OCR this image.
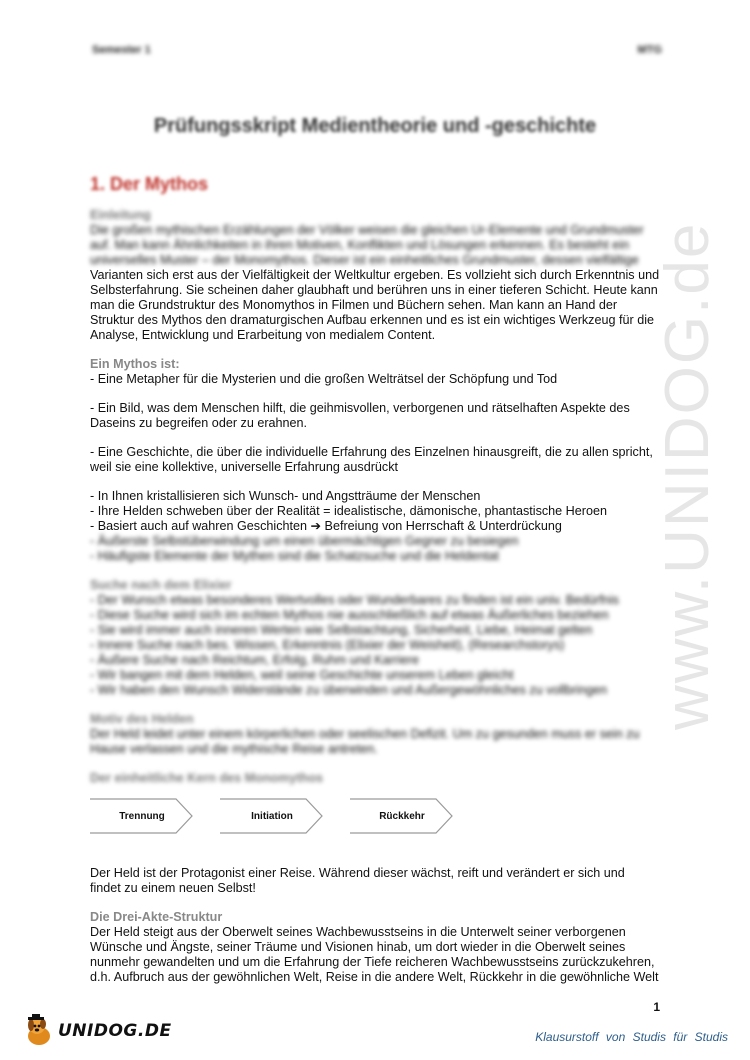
Semester 1	MTG
Prüfungsskript Medientheorie und -geschichte
1. Der Mythos
www.UNIDOG.de

Einleitung

Die großen mythischen Erzählungen der Völker weisen die gleichen Ur-Elemente und Grundmuster

auf. Man kann Ähnlichkeiten in ihren Motiven, Konflikten und Lösungen erkennen. Es besteht ein

universelles Muster – der Monomythos. Dieser ist ein einheitliches Grundmuster, dessen vielfältige

Varianten sich erst aus der Vielfältigkeit der Weltkultur ergeben. Es vollzieht sich durch Erkenntnis und

Selbsterfahrung. Sie scheinen daher glaubhaft und berühren uns in einer tieferen Schicht. Heute kann

man die Grundstruktur des Monomythos in Filmen und Büchern sehen. Man kann an Hand der

Struktur des Mythos den dramaturgischen Aufbau erkennen und es ist ein wichtiges Werkzeug für die

Analyse, Entwicklung und Erarbeitung von medialem Content.

Ein Mythos ist:

- Eine Metapher für die Mysterien und die großen Welträtsel der Schöpfung und Tod

- Ein Bild, was dem Menschen hilft, die geihmisvollen, verborgenen und rätselhaften Aspekte des

Daseins zu begreifen oder zu erahnen.

- Eine Geschichte, die über die individuelle Erfahrung des Einzelnen hinausgreift, die zu allen spricht,

weil sie eine kollektive, universelle Erfahrung ausdrückt

- In Ihnen kristallisieren sich Wunsch- und Angstträume der Menschen

- Ihre Helden schweben über der Realität = idealistische, dämonische, phantastische Heroen

- Basiert auch auf wahren Geschichten ➔ Befreiung von Herrschaft & Unterdrückung

- Äußerste Selbstüberwindung um einen übermächtigen Gegner zu besiegen

- Häufigste Elemente der Mythen sind die Schatzsuche und die Heldentat

Suche nach dem Elixier

- Der Wunsch etwas besonderes Wertvolles oder Wunderbares zu finden ist ein univ. Bedürfnis

- Diese Suche wird sich im echten Mythos nie ausschließlich auf etwas Äußerliches beziehen

- Sie wird immer auch inneren Werten wie Selbstachtung, Sicherheit, Liebe, Heimat gelten

- Innere Suche nach bes. Wissen, Erkenntnis (Elixier der Weisheit), (Researchstorys)

- Äußere Suche nach Reichtum, Erfolg, Ruhm und Karriere

- Wir bangen mit dem Helden, weil seine Geschichte unserem Leben gleicht

- Wir haben den Wunsch Widerstände zu überwinden und Außergewöhnliches zu vollbringen

Motiv des Helden

Der Held leidet unter einem körperlichen oder seelischen Defizit. Um zu gesunden muss er sein zu

Hause verlassen und die mythische Reise antreten.

Der einheitliche Kern des Monomythos

Trennung	Initiation	Rückkehr

Der Held ist der Protagonist einer Reise. Während dieser wächst, reift und verändert er sich und

findet zu einem neuen Selbst!

Die Drei-Akte-Struktur

Der Held steigt aus der Oberwelt seines Wachbewusstseins in die Unterwelt seiner verborgenen

Wünsche und Ängste, seiner Träume und Visionen hinab, um dort wieder in die Oberwelt seines

nunmehr gewandelten und um die Erfahrung der Tiefe reicheren Wachbewusstseins zurückzukehren,

d.h. Aufbruch aus der gewöhnlichen Welt, Reise in die andere Welt, Rückkehr in die gewöhnliche Welt

1
UNIDOG.DE	Klausurstoff von Studis für Studis
